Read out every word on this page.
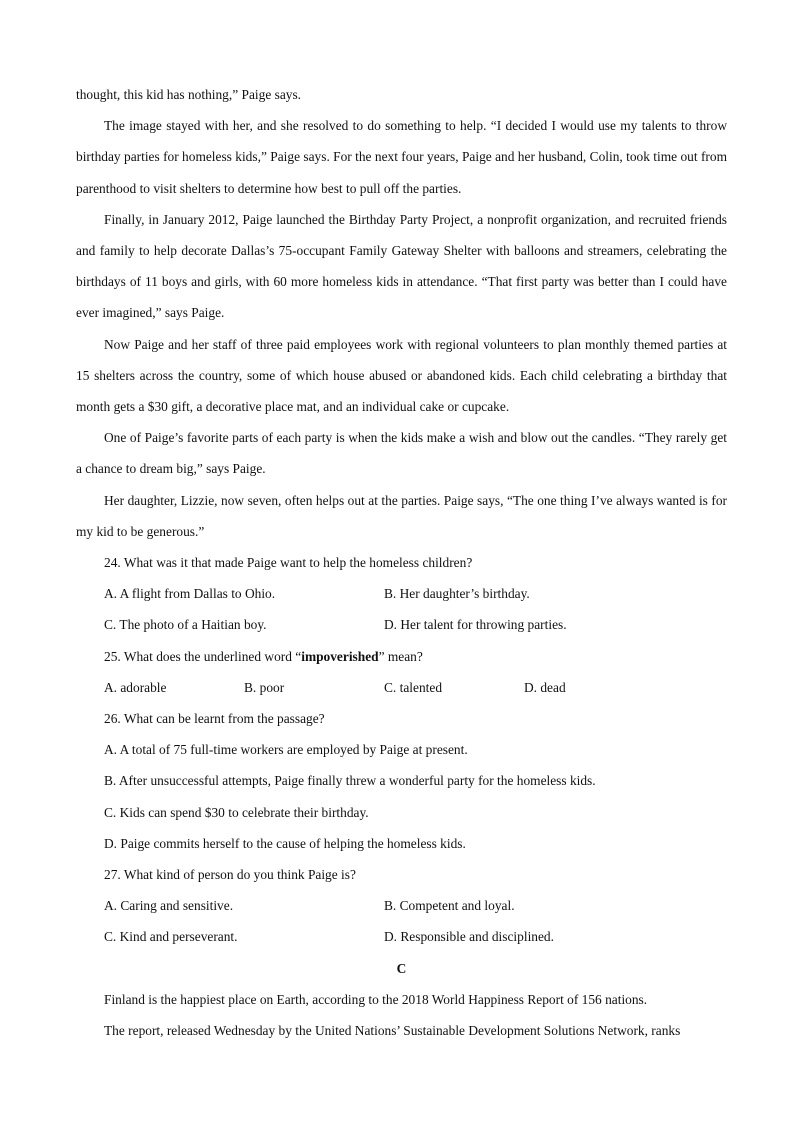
thought, this kid has nothing,” Paige says.

The image stayed with her, and she resolved to do something to help. “I decided I would use my talents to throw birthday parties for homeless kids,” Paige says. For the next four years, Paige and her husband, Colin, took time out from parenthood to visit shelters to determine how best to pull off the parties.

Finally, in January 2012, Paige launched the Birthday Party Project, a nonprofit organization, and recruited friends and family to help decorate Dallas’s 75-occupant Family Gateway Shelter with balloons and streamers, celebrating the birthdays of 11 boys and girls, with 60 more homeless kids in attendance. “That first party was better than I could have ever imagined,” says Paige.

Now Paige and her staff of three paid employees work with regional volunteers to plan monthly themed parties at 15 shelters across the country, some of which house abused or abandoned kids. Each child celebrating a birthday that month gets a $30 gift, a decorative place mat, and an individual cake or cupcake.

One of Paige’s favorite parts of each party is when the kids make a wish and blow out the candles. “They rarely get a chance to dream big,” says Paige.

Her daughter, Lizzie, now seven, often helps out at the parties. Paige says, “The one thing I’ve always wanted is for my kid to be generous.”

24. What was it that made Paige want to help the homeless children?

A. A flight from Dallas to Ohio.	B. Her daughter’s birthday.
C. The photo of a Haitian boy.	D. Her talent for throwing parties.

25. What does the underlined word “impoverished” mean?

A. adorable	B. poor	C. talented	D. dead

26. What can be learnt from the passage?

A. A total of 75 full-time workers are employed by Paige at present.

B. After unsuccessful attempts, Paige finally threw a wonderful party for the homeless kids.

C. Kids can spend $30 to celebrate their birthday.

D. Paige commits herself to the cause of helping the homeless kids.

27. What kind of person do you think Paige is?

A. Caring and sensitive.	B. Competent and loyal.
C. Kind and perseverant.	D. Responsible and disciplined.

C

Finland is the happiest place on Earth, according to the 2018 World Happiness Report of 156 nations.

The report, released Wednesday by the United Nations’ Sustainable Development Solutions Network, ranks
